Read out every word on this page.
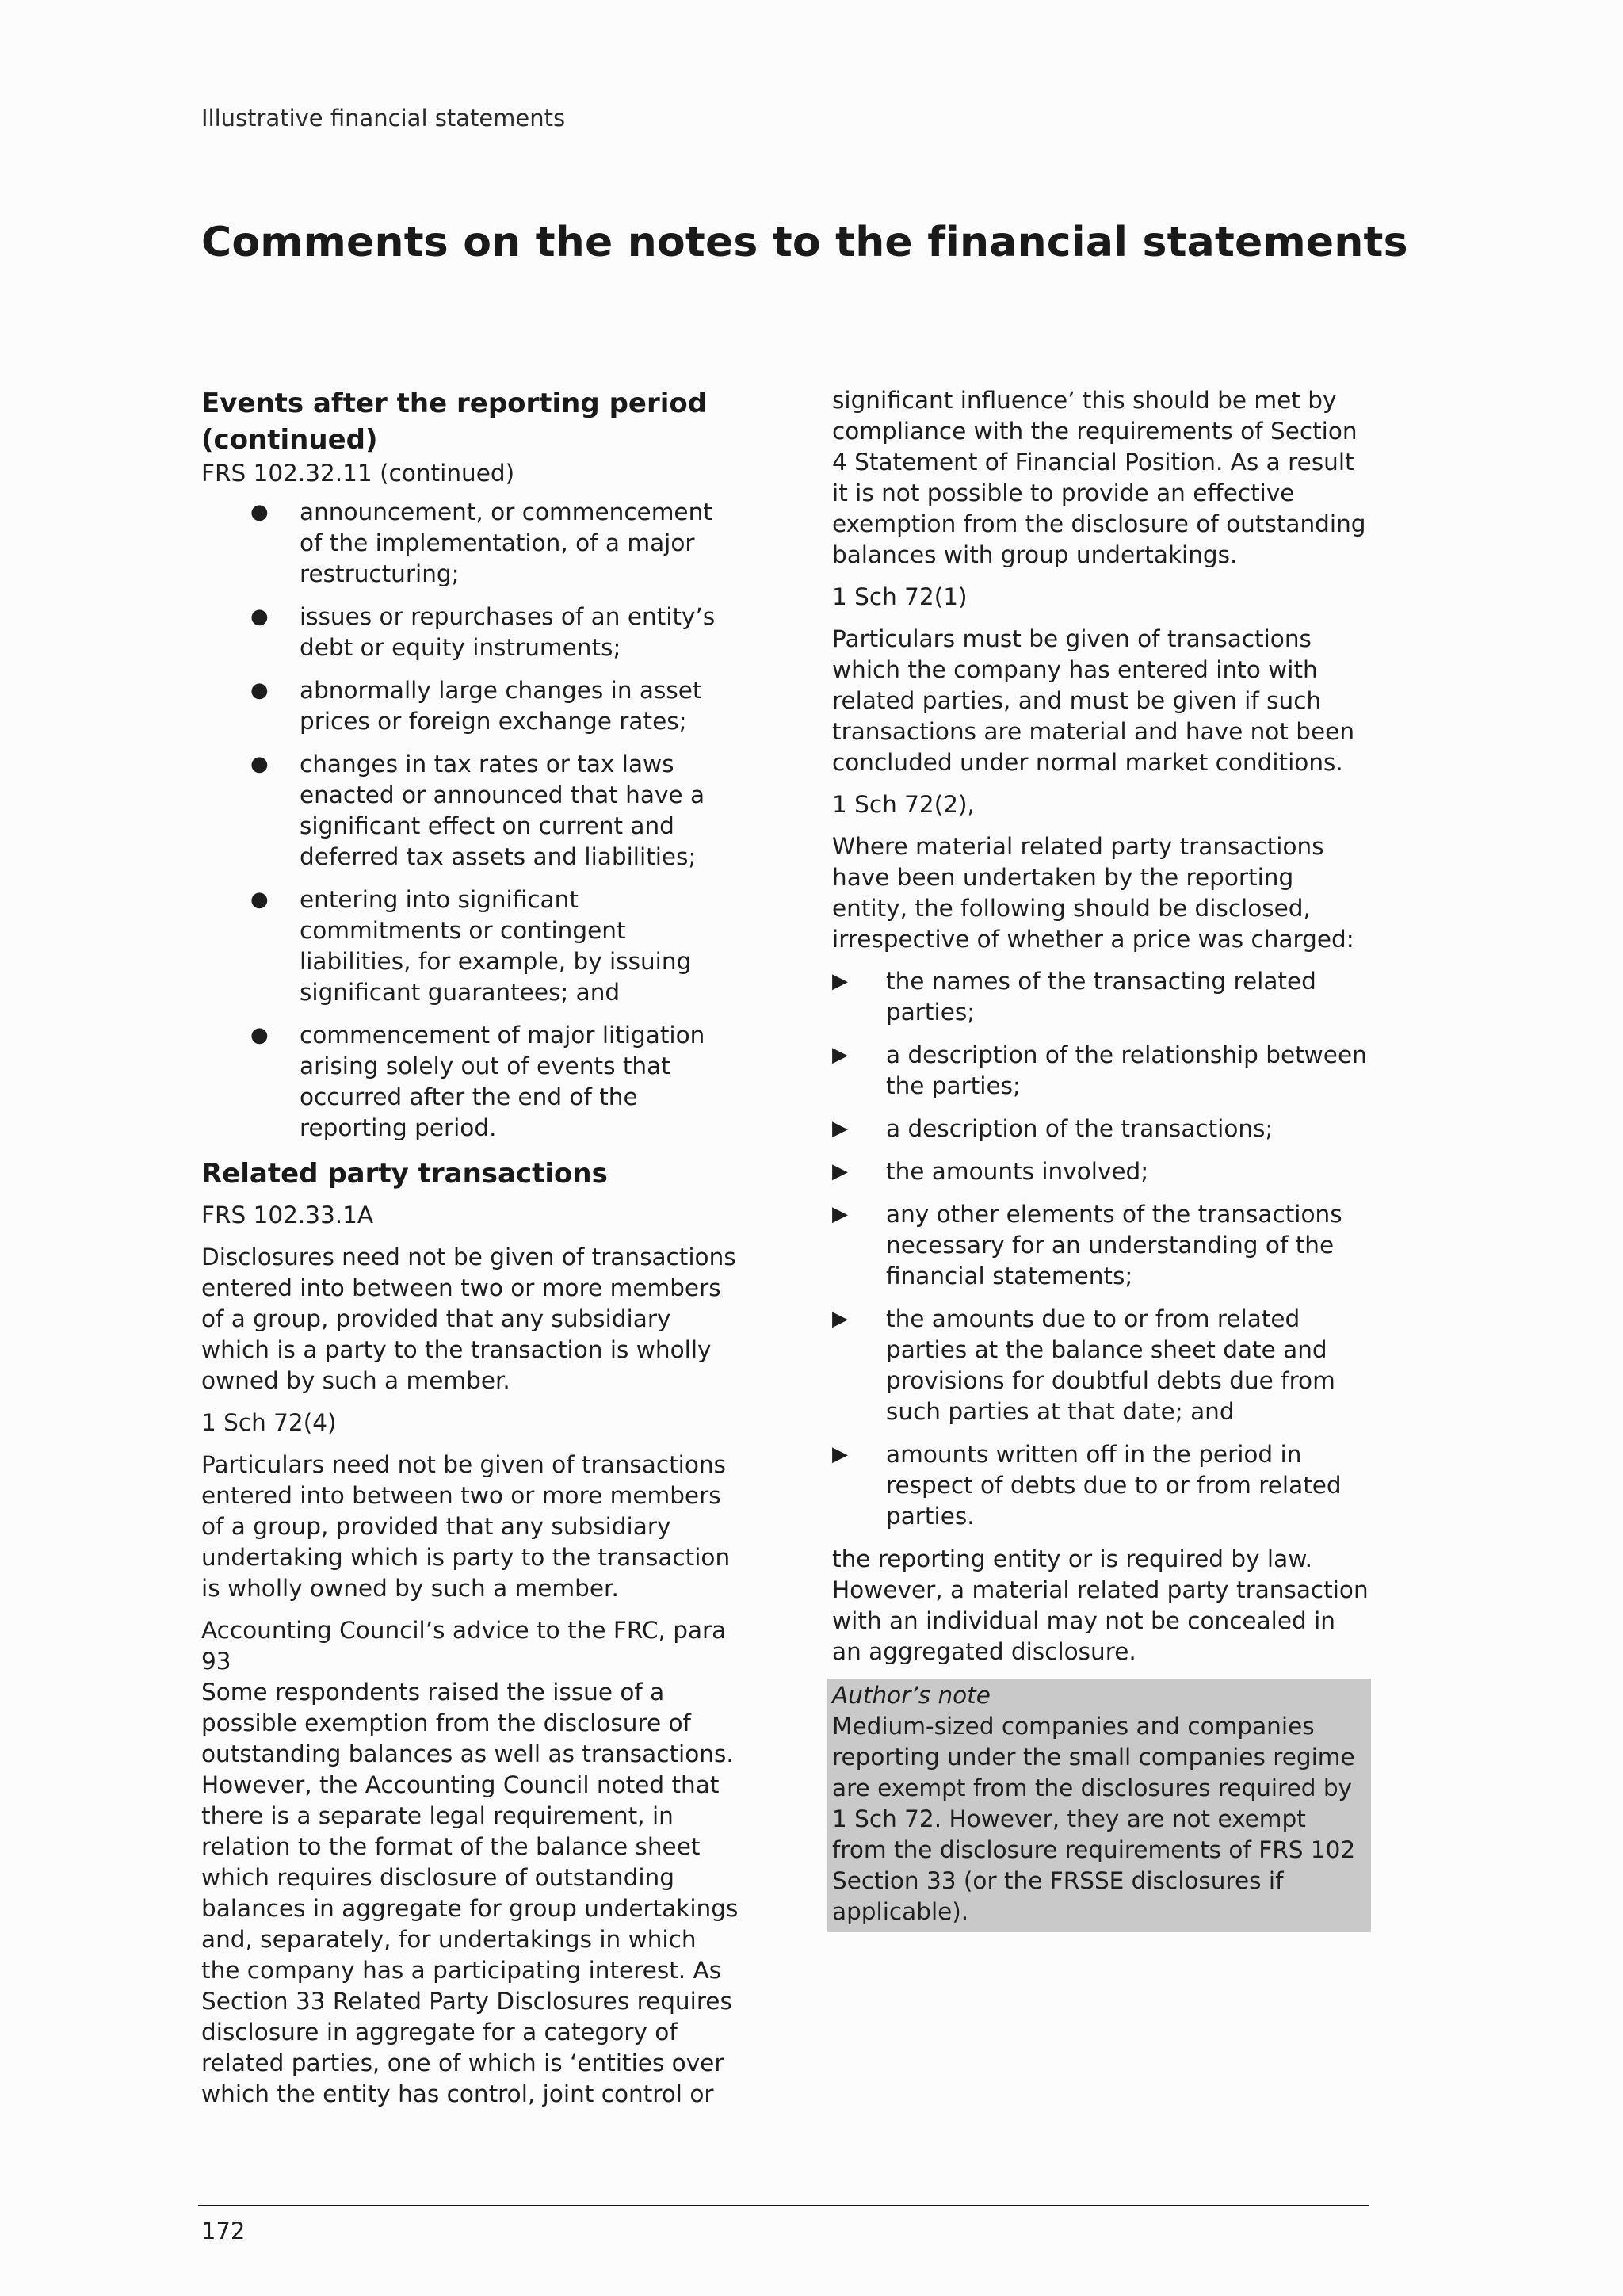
Illustrative financial statements
Comments on the notes to the financial statements
Events after the reporting period (continued)

FRS 102.32.11 (continued)

● announcement, or commencement of the implementation, of a major restructuring;
● issues or repurchases of an entity’s debt or equity instruments;
● abnormally large changes in asset prices or foreign exchange rates;
● changes in tax rates or tax laws enacted or announced that have a significant effect on current and deferred tax assets and liabilities;
● entering into significant commitments or contingent liabilities, for example, by issuing significant guarantees; and
● commencement of major litigation arising solely out of events that occurred after the end of the reporting period.
Related party transactions

FRS 102.33.1A

Disclosures need not be given of transactions entered into between two or more members of a group, provided that any subsidiary which is a party to the transaction is wholly owned by such a member.

1 Sch 72(4)

Particulars need not be given of transactions entered into between two or more members of a group, provided that any subsidiary undertaking which is party to the transaction is wholly owned by such a member.

Accounting Council’s advice to the FRC, para 93

Some respondents raised the issue of a possible exemption from the disclosure of outstanding balances as well as transactions. However, the Accounting Council noted that there is a separate legal requirement, in relation to the format of the balance sheet which requires disclosure of outstanding balances in aggregate for group undertakings and, separately, for undertakings in which the company has a participating interest. As Section 33 Related Party Disclosures requires disclosure in aggregate for a category of related parties, one of which is ‘entities over which the entity has control, joint control or

significant influence’ this should be met by compliance with the requirements of Section 4 Statement of Financial Position. As a result it is not possible to provide an effective exemption from the disclosure of outstanding balances with group undertakings.

1 Sch 72(1)

Particulars must be given of transactions which the company has entered into with related parties, and must be given if such transactions are material and have not been concluded under normal market conditions.

1 Sch 72(2),

Where material related party transactions have been undertaken by the reporting entity, the following should be disclosed, irrespective of whether a price was charged:

▶ the names of the transacting related parties;
▶ a description of the relationship between the parties;
▶ a description of the transactions;
▶ the amounts involved;
▶ any other elements of the transactions necessary for an understanding of the financial statements;
▶ the amounts due to or from related parties at the balance sheet date and provisions for doubtful debts due from such parties at that date; and
▶ amounts written off in the period in respect of debts due to or from related parties.

the reporting entity or is required by law. However, a material related party transaction with an individual may not be concealed in an aggregated disclosure.

Author’s note

Medium-sized companies and companies reporting under the small companies regime are exempt from the disclosures required by 1 Sch 72. However, they are not exempt from the disclosure requirements of FRS 102 Section 33 (or the FRSSE disclosures if applicable).

172
